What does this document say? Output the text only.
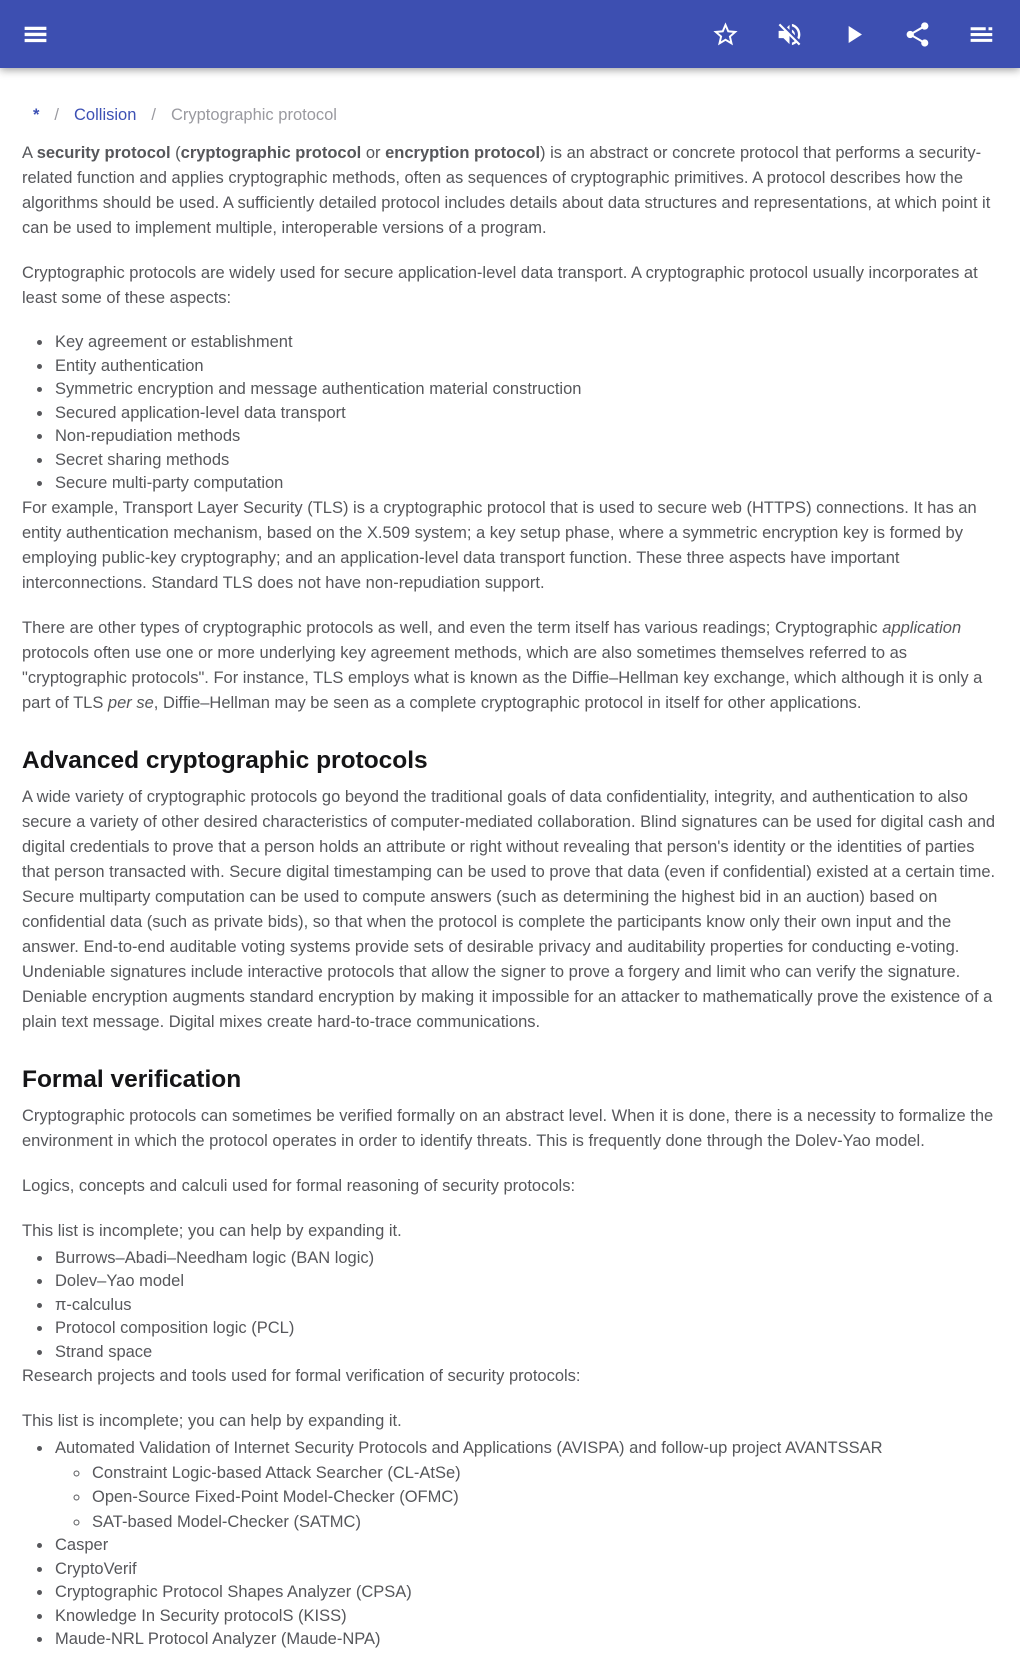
* / Collision / Cryptographic protocol

A security protocol (cryptographic protocol or encryption protocol) is an abstract or concrete protocol that performs a security-related function and applies cryptographic methods, often as sequences of cryptographic primitives. A protocol describes how the algorithms should be used. A sufficiently detailed protocol includes details about data structures and representations, at which point it can be used to implement multiple, interoperable versions of a program.

Cryptographic protocols are widely used for secure application-level data transport. A cryptographic protocol usually incorporates at least some of these aspects:

• Key agreement or establishment
• Entity authentication
• Symmetric encryption and message authentication material construction
• Secured application-level data transport
• Non-repudiation methods
• Secret sharing methods
• Secure multi-party computation

For example, Transport Layer Security (TLS) is a cryptographic protocol that is used to secure web (HTTPS) connections. It has an entity authentication mechanism, based on the X.509 system; a key setup phase, where a symmetric encryption key is formed by employing public-key cryptography; and an application-level data transport function. These three aspects have important interconnections. Standard TLS does not have non-repudiation support.

There are other types of cryptographic protocols as well, and even the term itself has various readings; Cryptographic application protocols often use one or more underlying key agreement methods, which are also sometimes themselves referred to as "cryptographic protocols". For instance, TLS employs what is known as the Diffie–Hellman key exchange, which although it is only a part of TLS per se, Diffie–Hellman may be seen as a complete cryptographic protocol in itself for other applications.

Advanced cryptographic protocols

A wide variety of cryptographic protocols go beyond the traditional goals of data confidentiality, integrity, and authentication to also secure a variety of other desired characteristics of computer-mediated collaboration. Blind signatures can be used for digital cash and digital credentials to prove that a person holds an attribute or right without revealing that person's identity or the identities of parties that person transacted with. Secure digital timestamping can be used to prove that data (even if confidential) existed at a certain time. Secure multiparty computation can be used to compute answers (such as determining the highest bid in an auction) based on confidential data (such as private bids), so that when the protocol is complete the participants know only their own input and the answer. End-to-end auditable voting systems provide sets of desirable privacy and auditability properties for conducting e-voting. Undeniable signatures include interactive protocols that allow the signer to prove a forgery and limit who can verify the signature. Deniable encryption augments standard encryption by making it impossible for an attacker to mathematically prove the existence of a plain text message. Digital mixes create hard-to-trace communications.

Formal verification

Cryptographic protocols can sometimes be verified formally on an abstract level. When it is done, there is a necessity to formalize the environment in which the protocol operates in order to identify threats. This is frequently done through the Dolev-Yao model.

Logics, concepts and calculi used for formal reasoning of security protocols:

This list is incomplete; you can help by expanding it.

• Burrows–Abadi–Needham logic (BAN logic)
• Dolev–Yao model
• π-calculus
• Protocol composition logic (PCL)
• Strand space

Research projects and tools used for formal verification of security protocols:

This list is incomplete; you can help by expanding it.

• Automated Validation of Internet Security Protocols and Applications (AVISPA) and follow-up project AVANTSSAR
◦ Constraint Logic-based Attack Searcher (CL-AtSe)
◦ Open-Source Fixed-Point Model-Checker (OFMC)
◦ SAT-based Model-Checker (SATMC)
• Casper
• CryptoVerif
• Cryptographic Protocol Shapes Analyzer (CPSA)
• Knowledge In Security protocolS (KISS)
• Maude-NRL Protocol Analyzer (Maude-NPA)
